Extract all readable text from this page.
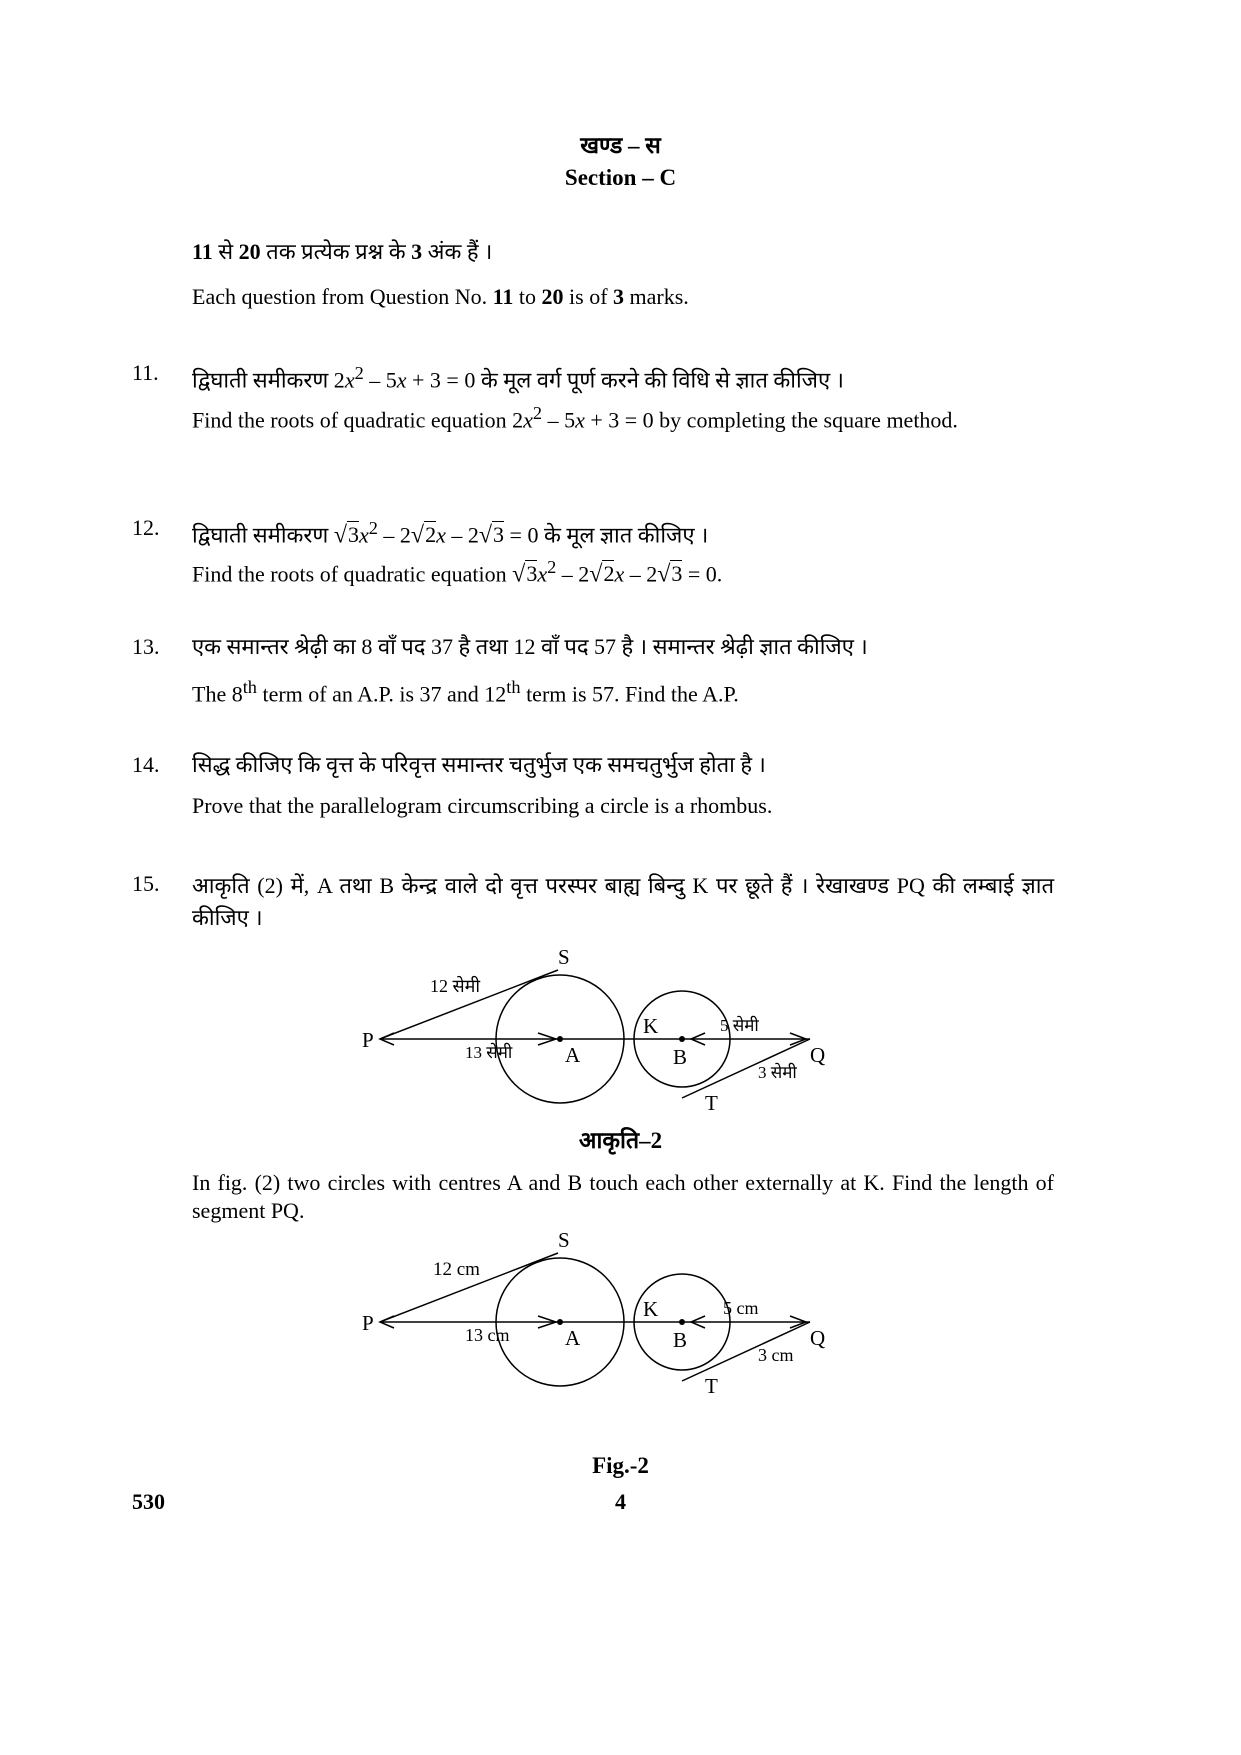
खण्ड – स
Section – C
11 से 20 तक प्रत्येक प्रश्न के 3 अंक हैं ।
Each question from Question No. 11 to 20 is of 3 marks.
11.	द्विघाती समीकरण $2x^2 - 5x + 3 = 0$ के मूल वर्ग पूर्ण करने की विधि से ज्ञात कीजिए ।
Find the roots of quadratic equation $2x^2 - 5x + 3 = 0$ by completing the square method.
12.	द्विघाती समीकरण $√3x^2 - 2√2x - 2√3 = 0$ के मूल ज्ञात कीजिए ।
Find the roots of quadratic equation $√3x^2 - 2√2x - 2√3 = 0$.
13.	एक समान्तर श्रेढ़ी का 8 वाँ पद 37 है तथा 12 वाँ पद 57 है । समान्तर श्रेढ़ी ज्ञात कीजिए ।
The 8th term of an A.P. is 37 and 12th term is 57. Find the A.P.
14.	सिद्ध कीजिए कि वृत्त के परिवृत्त समान्तर चतुर्भुज एक समचतुर्भुज होता है ।
Prove that the parallelogram circumscribing a circle is a rhombus.
15.	आकृति (2) में, A तथा B केन्द्र वाले दो वृत्त परस्पर बाह्य बिन्दु K पर छूते हैं । रेखाखण्ड PQ की लम्बाई ज्ञात कीजिए ।
S
P
A
K
B	Q
T
12 सेमी
13 सेमी
5 सेमी
3 सेमी
आकृति–2
In fig. (2) two circles with centres A and B touch each other externally at K. Find the length of segment PQ.
S
P
A
K
B	Q
T
12 cm
13 cm
5 cm
3 cm
Fig.-2
530	4
